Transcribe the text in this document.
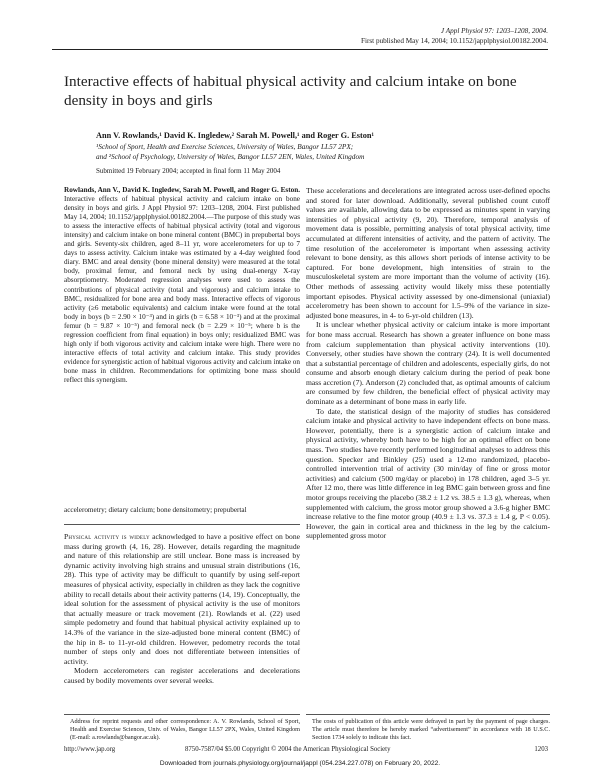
J Appl Physiol 97: 1203–1208, 2004.
First published May 14, 2004; 10.1152/japplphysiol.00182.2004.
Interactive effects of habitual physical activity and calcium intake on bone density in boys and girls
Ann V. Rowlands,¹ David K. Ingledew,² Sarah M. Powell,¹ and Roger G. Eston¹
¹School of Sport, Health and Exercise Sciences, University of Wales, Bangor LL57 2PX;
and ²School of Psychology, University of Wales, Bangor LL57 2EN, Wales, United Kingdom
Submitted 19 February 2004; accepted in final form 11 May 2004
Rowlands, Ann V., David K. Ingledew, Sarah M. Powell, and Roger G. Eston. Interactive effects of habitual physical activity and calcium intake on bone density in boys and girls. J Appl Physiol 97: 1203–1208, 2004. First published May 14, 2004; 10.1152/japplphysiol.00182.2004.—The purpose of this study was to assess the interactive effects of habitual physical activity (total and vigorous intensity) and calcium intake on bone mineral content (BMC) in prepubertal boys and girls. Seventy-six children, aged 8–11 yr, wore accelerometers for up to 7 days to assess activity. Calcium intake was estimated by a 4-day weighted food diary. BMC and areal density (bone mineral density) were measured at the total body, proximal femur, and femoral neck by using dual-energy X-ray absorptiometry. Moderated regression analyses were used to assess the contributions of physical activity (total and vigorous) and calcium intake to BMC, residualized for bone area and body mass. Interactive effects of vigorous activity (≥6 metabolic equivalents) and calcium intake were found at the total body in boys (b = 2.90 × 10⁻³) and in girls (b = 6.58 × 10⁻³) and at the proximal femur (b = 9.87 × 10⁻⁵) and femoral neck (b = 2.29 × 10⁻⁵; where b is the regression coefficient from final equation) in boys only; residualized BMC was high only if both vigorous activity and calcium intake were high. There were no interactive effects of total activity and calcium intake. This study provides evidence for synergistic action of habitual vigorous activity and calcium intake on bone mass in children. Recommendations for optimizing bone mass should reflect this synergism.
accelerometry; dietary calcium; bone densitometry; prepubertal

Physical activity is widely acknowledged to have a positive effect on bone mass during growth (4, 16, 28). However, details regarding the magnitude and nature of this relationship are still unclear. Bone mass is increased by dynamic activity involving high strains and unusual strain distributions (16, 28). This type of activity may be difficult to quantify by using self-report measures of physical activity, especially in children as they lack the cognitive ability to recall details about their activity patterns (14, 19). Conceptually, the ideal solution for the assessment of physical activity is the use of monitors that actually measure or track movement (21). Rowlands et al. (22) used simple pedometry and found that habitual physical activity explained up to 14.3% of the variance in the size-adjusted bone mineral content (BMC) of the hip in 8- to 11-yr-old children. However, pedometry records the total number of steps only and does not differentiate between intensities of activity.

Modern accelerometers can register accelerations and decelerations caused by bodily movements over several weeks.

These accelerations and decelerations are integrated across user-defined epochs and stored for later download. Additionally, several published count cutoff values are available, allowing data to be expressed as minutes spent in varying intensities of physical activity (9, 20). Therefore, temporal analysis of movement data is possible, permitting analysis of total physical activity, time accumulated at different intensities of activity, and the pattern of activity. The time resolution of the accelerometer is important when assessing activity relevant to bone density, as this allows short periods of intense activity to be captured. For bone development, high intensities of strain to the musculoskeletal system are more important than the volume of activity (16). Other methods of assessing activity would likely miss these potentially important episodes. Physical activity assessed by one-dimensional (uniaxial) accelerometry has been shown to account for 1.5–9% of the variance in size-adjusted bone measures, in 4- to 6-yr-old children (13).

It is unclear whether physical activity or calcium intake is more important for bone mass accrual. Research has shown a greater influence on bone mass from calcium supplementation than physical activity interventions (10). Conversely, other studies have shown the contrary (24). It is well documented that a substantial percentage of children and adolescents, especially girls, do not consume and absorb enough dietary calcium during the period of peak bone mass accretion (7). Anderson (2) concluded that, as optimal amounts of calcium are consumed by few children, the beneficial effect of physical activity may dominate as a determinant of bone mass in early life.

To date, the statistical design of the majority of studies has considered calcium intake and physical activity to have independent effects on bone mass. However, potentially, there is a synergistic action of calcium intake and physical activity, whereby both have to be high for an optimal effect on bone mass. Two studies have recently performed longitudinal analyses to address this question. Specker and Binkley (25) used a 12-mo randomized, placebo-controlled intervention trial of activity (30 min/day of fine or gross motor activities) and calcium (500 mg/day or placebo) in 178 children, aged 3–5 yr. After 12 mo, there was little difference in leg BMC gain between gross and fine motor groups receiving the placebo (38.2 ± 1.2 vs. 38.5 ± 1.3 g), whereas, when supplemented with calcium, the gross motor group showed a 3.6-g higher BMC increase relative to the fine motor group (40.9 ± 1.3 vs. 37.3 ± 1.4 g, P < 0.05). However, the gain in cortical area and thickness in the leg by the calcium-supplemented gross motor

Address for reprint requests and other correspondence: A. V. Rowlands, School of Sport, Health and Exercise Sciences, Univ. of Wales, Bangor LL57 2PX, Wales, United Kingdom (E-mail: a.rowlands@bangor.ac.uk).
The costs of publication of this article were defrayed in part by the payment of page charges. The article must therefore be hereby marked “advertisement” in accordance with 18 U.S.C. Section 1734 solely to indicate this fact.
http://www.jap.org	8750-7587/04 $5.00 Copyright © 2004 the American Physiological Society	1203
Downloaded from journals.physiology.org/journal/jappl (054.234.227.078) on February 20, 2022.
